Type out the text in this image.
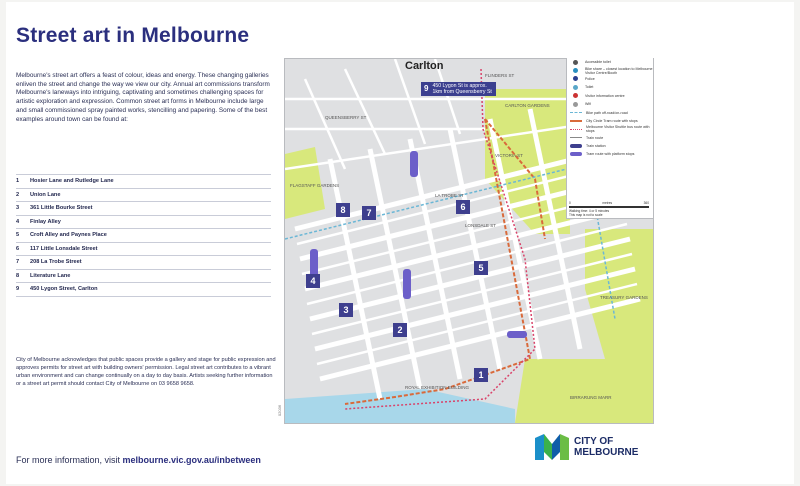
Street art in Melbourne
Melbourne's street art offers a feast of colour, ideas and energy. These changing galleries enliven the street and change the way we view our city. Annual art commissions transform Melbourne's laneways into intriguing, captivating and sometimes challenging spaces for artistic exploration and expression. Common street art forms in Melbourne include large and small commissioned spray painted works, stencilling and papering. Some of the best examples around town can be found at:
1	Hosier Lane and Rutledge Lane
2	Union Lane
3	361 Little Bourke Street
4	Finlay Alley
5	Croft Alley and Paynes Place
6	117 Little Lonsdale Street
7	208 La Trobe Street
8	Literature Lane
9	450 Lygon Street, Carlton
City of Melbourne acknowledges that public spaces provide a gallery and stage for public expression and approves permits for street art with building owners' permission. Legal street art contributes to a vibrant urban environment and can change continually on a day to day basis. Artists seeking further information or a street art permit should contact City of Melbourne on 03 9658 9658.
For more information, visit melbourne.vic.gov.au/inbetween
02036
FLINDERS ST
CARLTON GARDENS
TREASURY GARDENS
BIRRARUNG MARR
FLAGSTAFF GARDENS
QUEENSBERRY ST
VICTORIA ST
LA TROBE ST
LONSDALE ST
ROYAL EXHIBITION BUILDING
Accessible toilet
Bike share – closest location to Melbourne Visitor Centre/Booth
Police
Toilet
Visitor information centre
Wifi
Bike path off-road/on-road
City Circle Tram route with stops
Melbourne Visitor Shuttle bus route with stops
Train route
Train station
Tram route with platform stops
0	metres	360
Walking time: 4 or 5 minutes
This map is not to scale
Carlton
9 450 Lygon St is approx.
1km from Queensberry St
1
2
3
4
5
6
7
8
CITY OF
MELBOURNE
